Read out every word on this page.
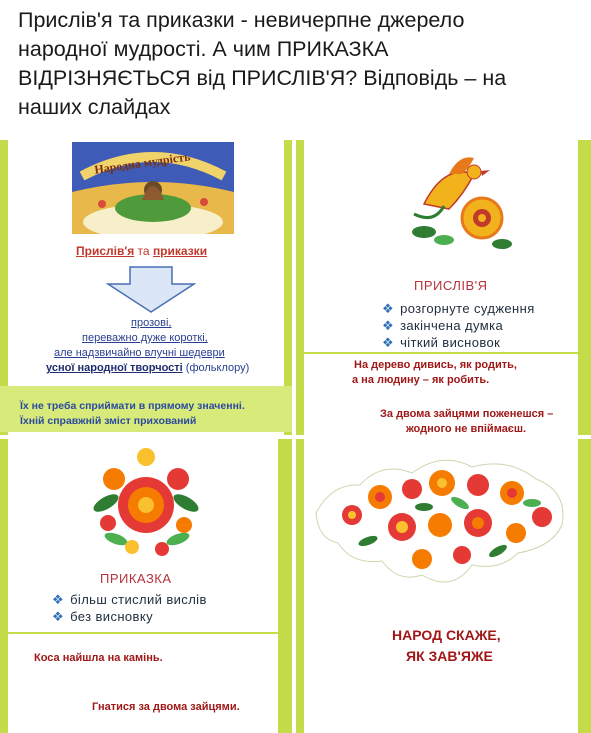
Прислів'я та приказки - невичерпне джерело
народної мудрості. А чим ПРИКАЗКА
ВІДРІЗНЯЄТЬСЯ від ПРИСЛІВ'Я? Відповідь – на
наших слайдах
Народна мудрість
Прислів'я та приказки
прозові,
переважно дуже короткі,
але надзвичайно влучні шедеври
усної народної творчості (фольклору)
Їх не треба сприймати в прямому значенні.
Їхній справжній зміст прихований
ПРИСЛІВ'Я
❖ розгорнуте судження
❖ закінчена думка
❖ чіткий висновок
На дерево дивись, як родить,
а на людину – як робить.
За двома зайцями поженешся –
жодного не впіймаєш.
ПРИКАЗКА
❖ більш стислий вислів
❖ без висновку
Коса найшла на камінь.
Гнатися за двома зайцями.
НАРОД СКАЖЕ,
ЯК ЗАВ'ЯЖЕ
